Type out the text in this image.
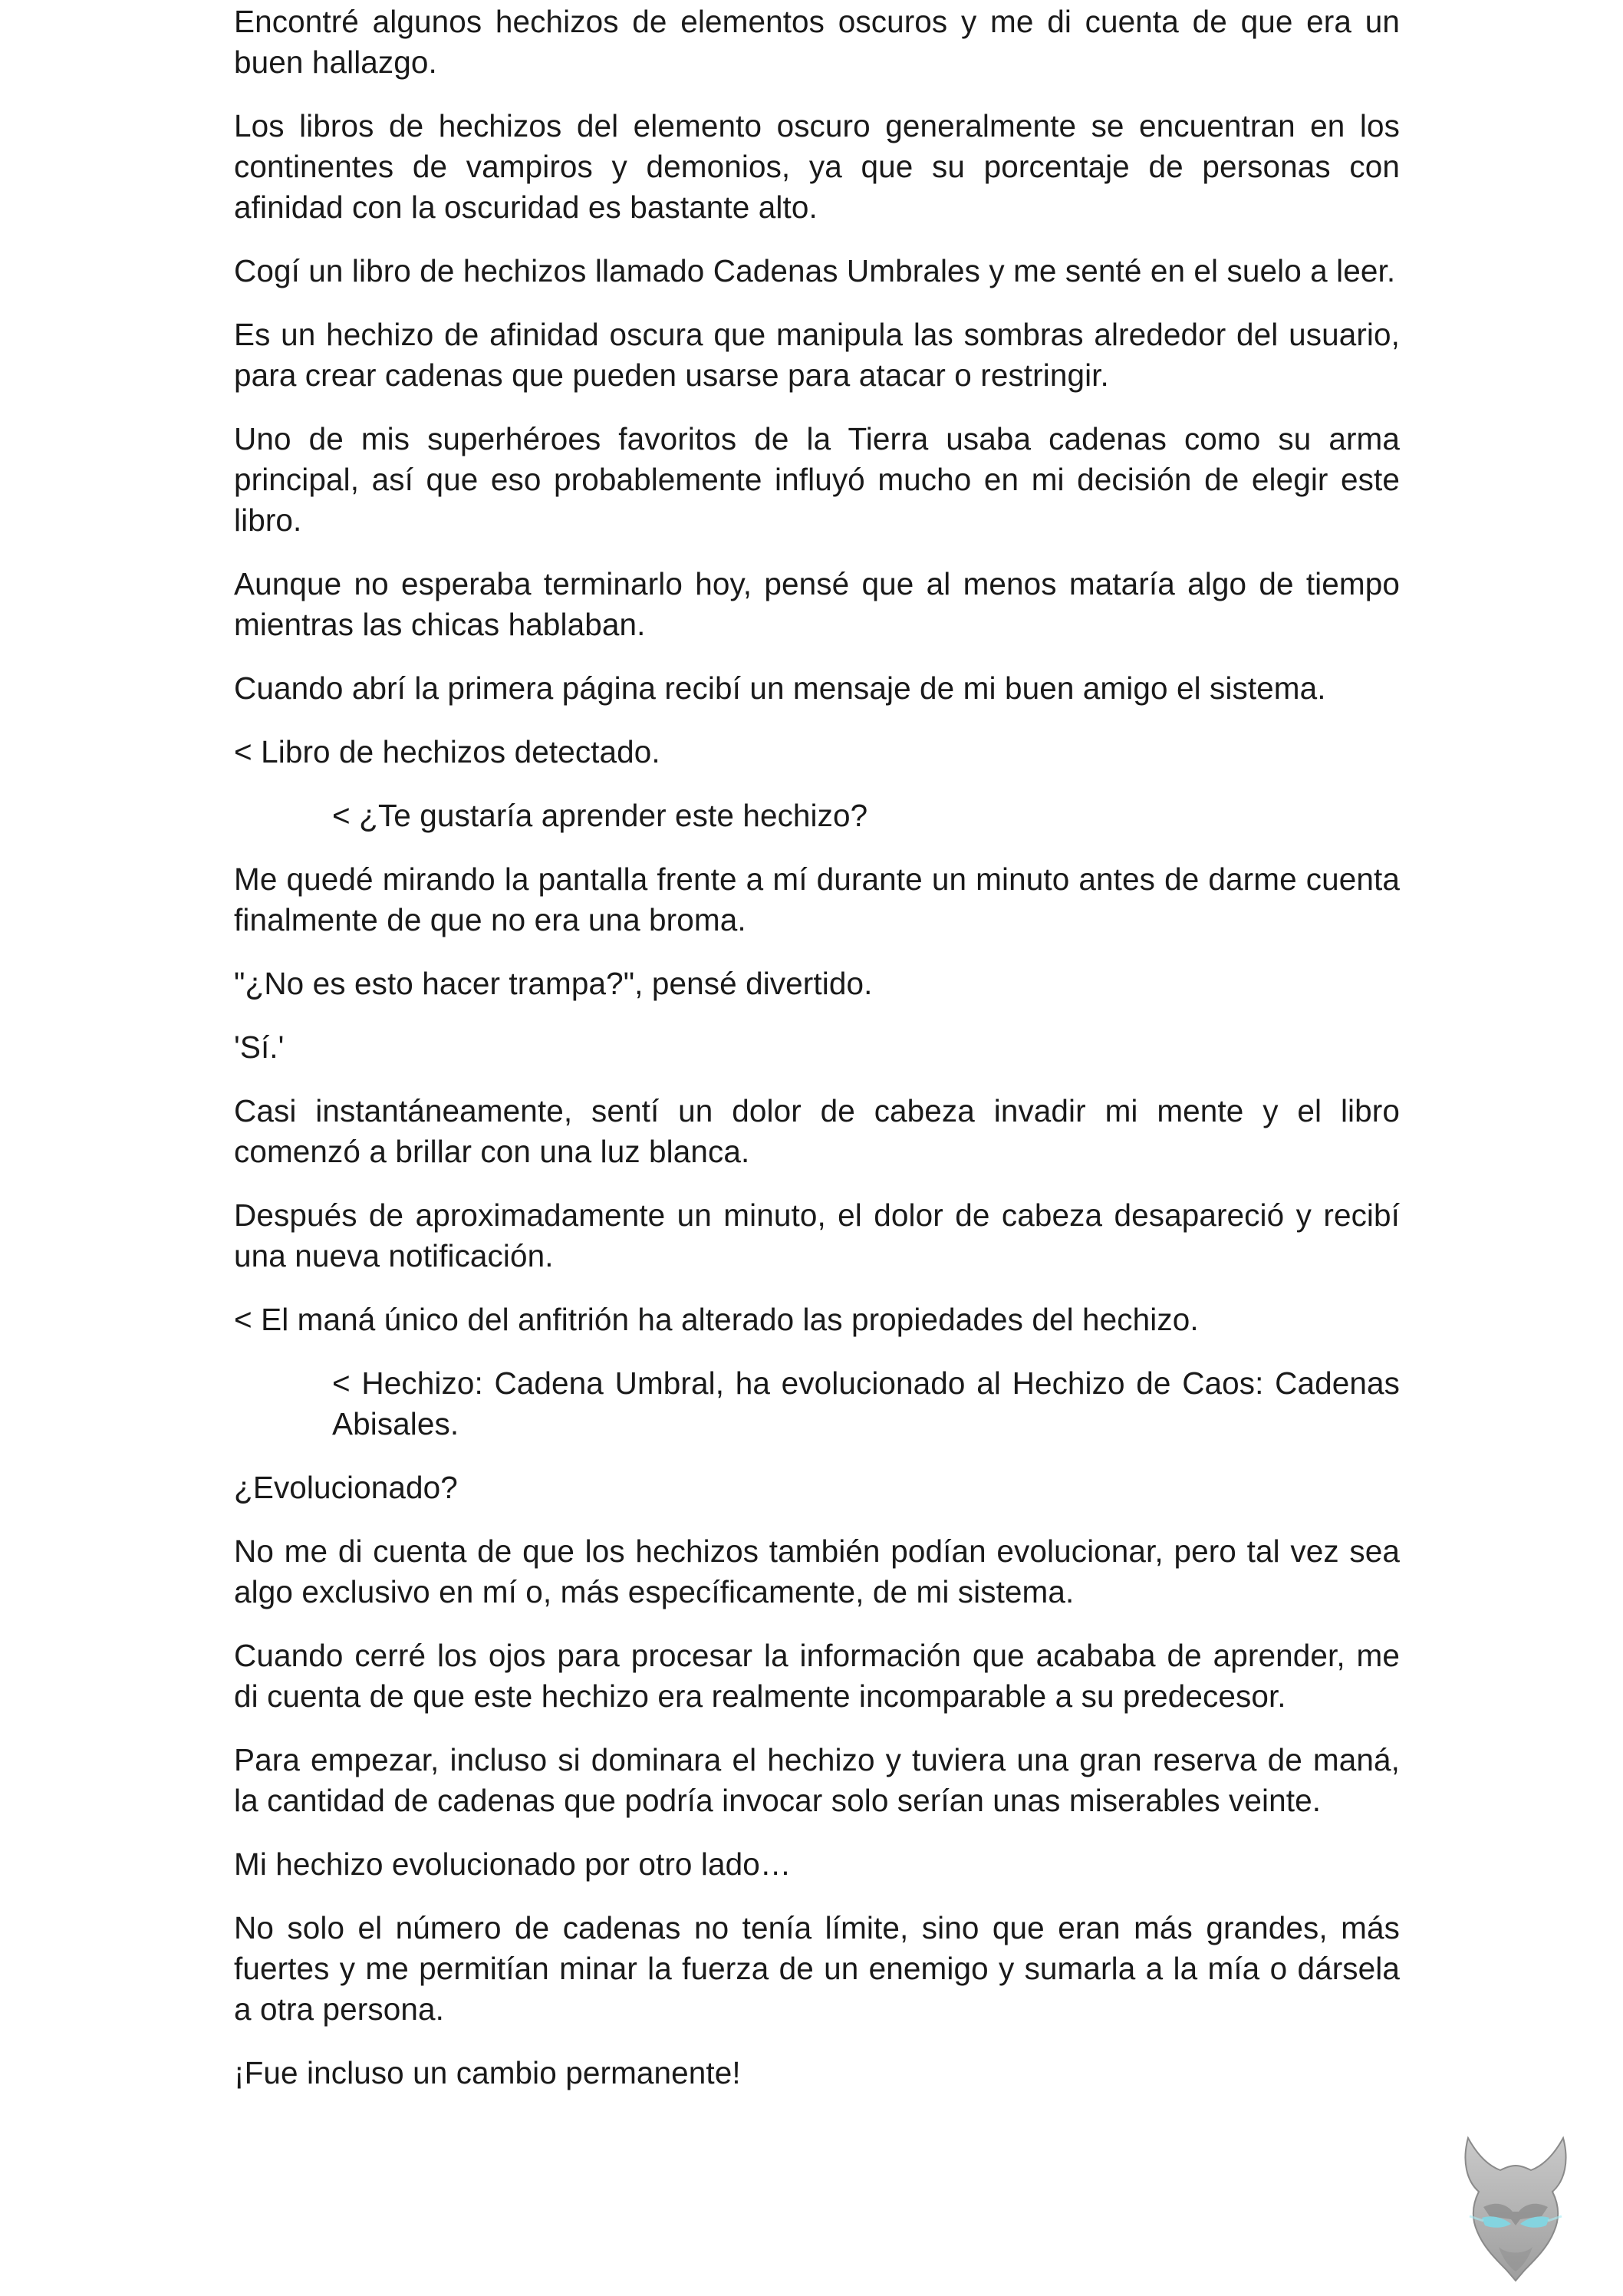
Encontré algunos hechizos de elementos oscuros y me di cuenta de que era un buen hallazgo.

Los libros de hechizos del elemento oscuro generalmente se encuentran en los continentes de vampiros y demonios, ya que su porcentaje de personas con afinidad con la oscuridad es bastante alto.

Cogí un libro de hechizos llamado Cadenas Umbrales y me senté en el suelo a leer.

Es un hechizo de afinidad oscura que manipula las sombras alrededor del usuario, para crear cadenas que pueden usarse para atacar o restringir.

Uno de mis superhéroes favoritos de la Tierra usaba cadenas como su arma principal, así que eso probablemente influyó mucho en mi decisión de elegir este libro.

Aunque no esperaba terminarlo hoy, pensé que al menos mataría algo de tiempo mientras las chicas hablaban.

Cuando abrí la primera página recibí un mensaje de mi buen amigo el sistema.

< Libro de hechizos detectado.

< ¿Te gustaría aprender este hechizo?

Me quedé mirando la pantalla frente a mí durante un minuto antes de darme cuenta finalmente de que no era una broma.

"¿No es esto hacer trampa?", pensé divertido.

'Sí.'

Casi instantáneamente, sentí un dolor de cabeza invadir mi mente y el libro comenzó a brillar con una luz blanca.

Después de aproximadamente un minuto, el dolor de cabeza desapareció y recibí una nueva notificación.

< El maná único del anfitrión ha alterado las propiedades del hechizo.

< Hechizo: Cadena Umbral, ha evolucionado al Hechizo de Caos: Cadenas Abisales.

¿Evolucionado?

No me di cuenta de que los hechizos también podían evolucionar, pero tal vez sea algo exclusivo en mí o, más específicamente, de mi sistema.

Cuando cerré los ojos para procesar la información que acababa de aprender, me di cuenta de que este hechizo era realmente incomparable a su predecesor.

Para empezar, incluso si dominara el hechizo y tuviera una gran reserva de maná, la cantidad de cadenas que podría invocar solo serían unas miserables veinte.

Mi hechizo evolucionado por otro lado…

No solo el número de cadenas no tenía límite, sino que eran más grandes, más fuertes y me permitían minar la fuerza de un enemigo y sumarla a la mía o dársela a otra persona.

¡Fue incluso un cambio permanente!
